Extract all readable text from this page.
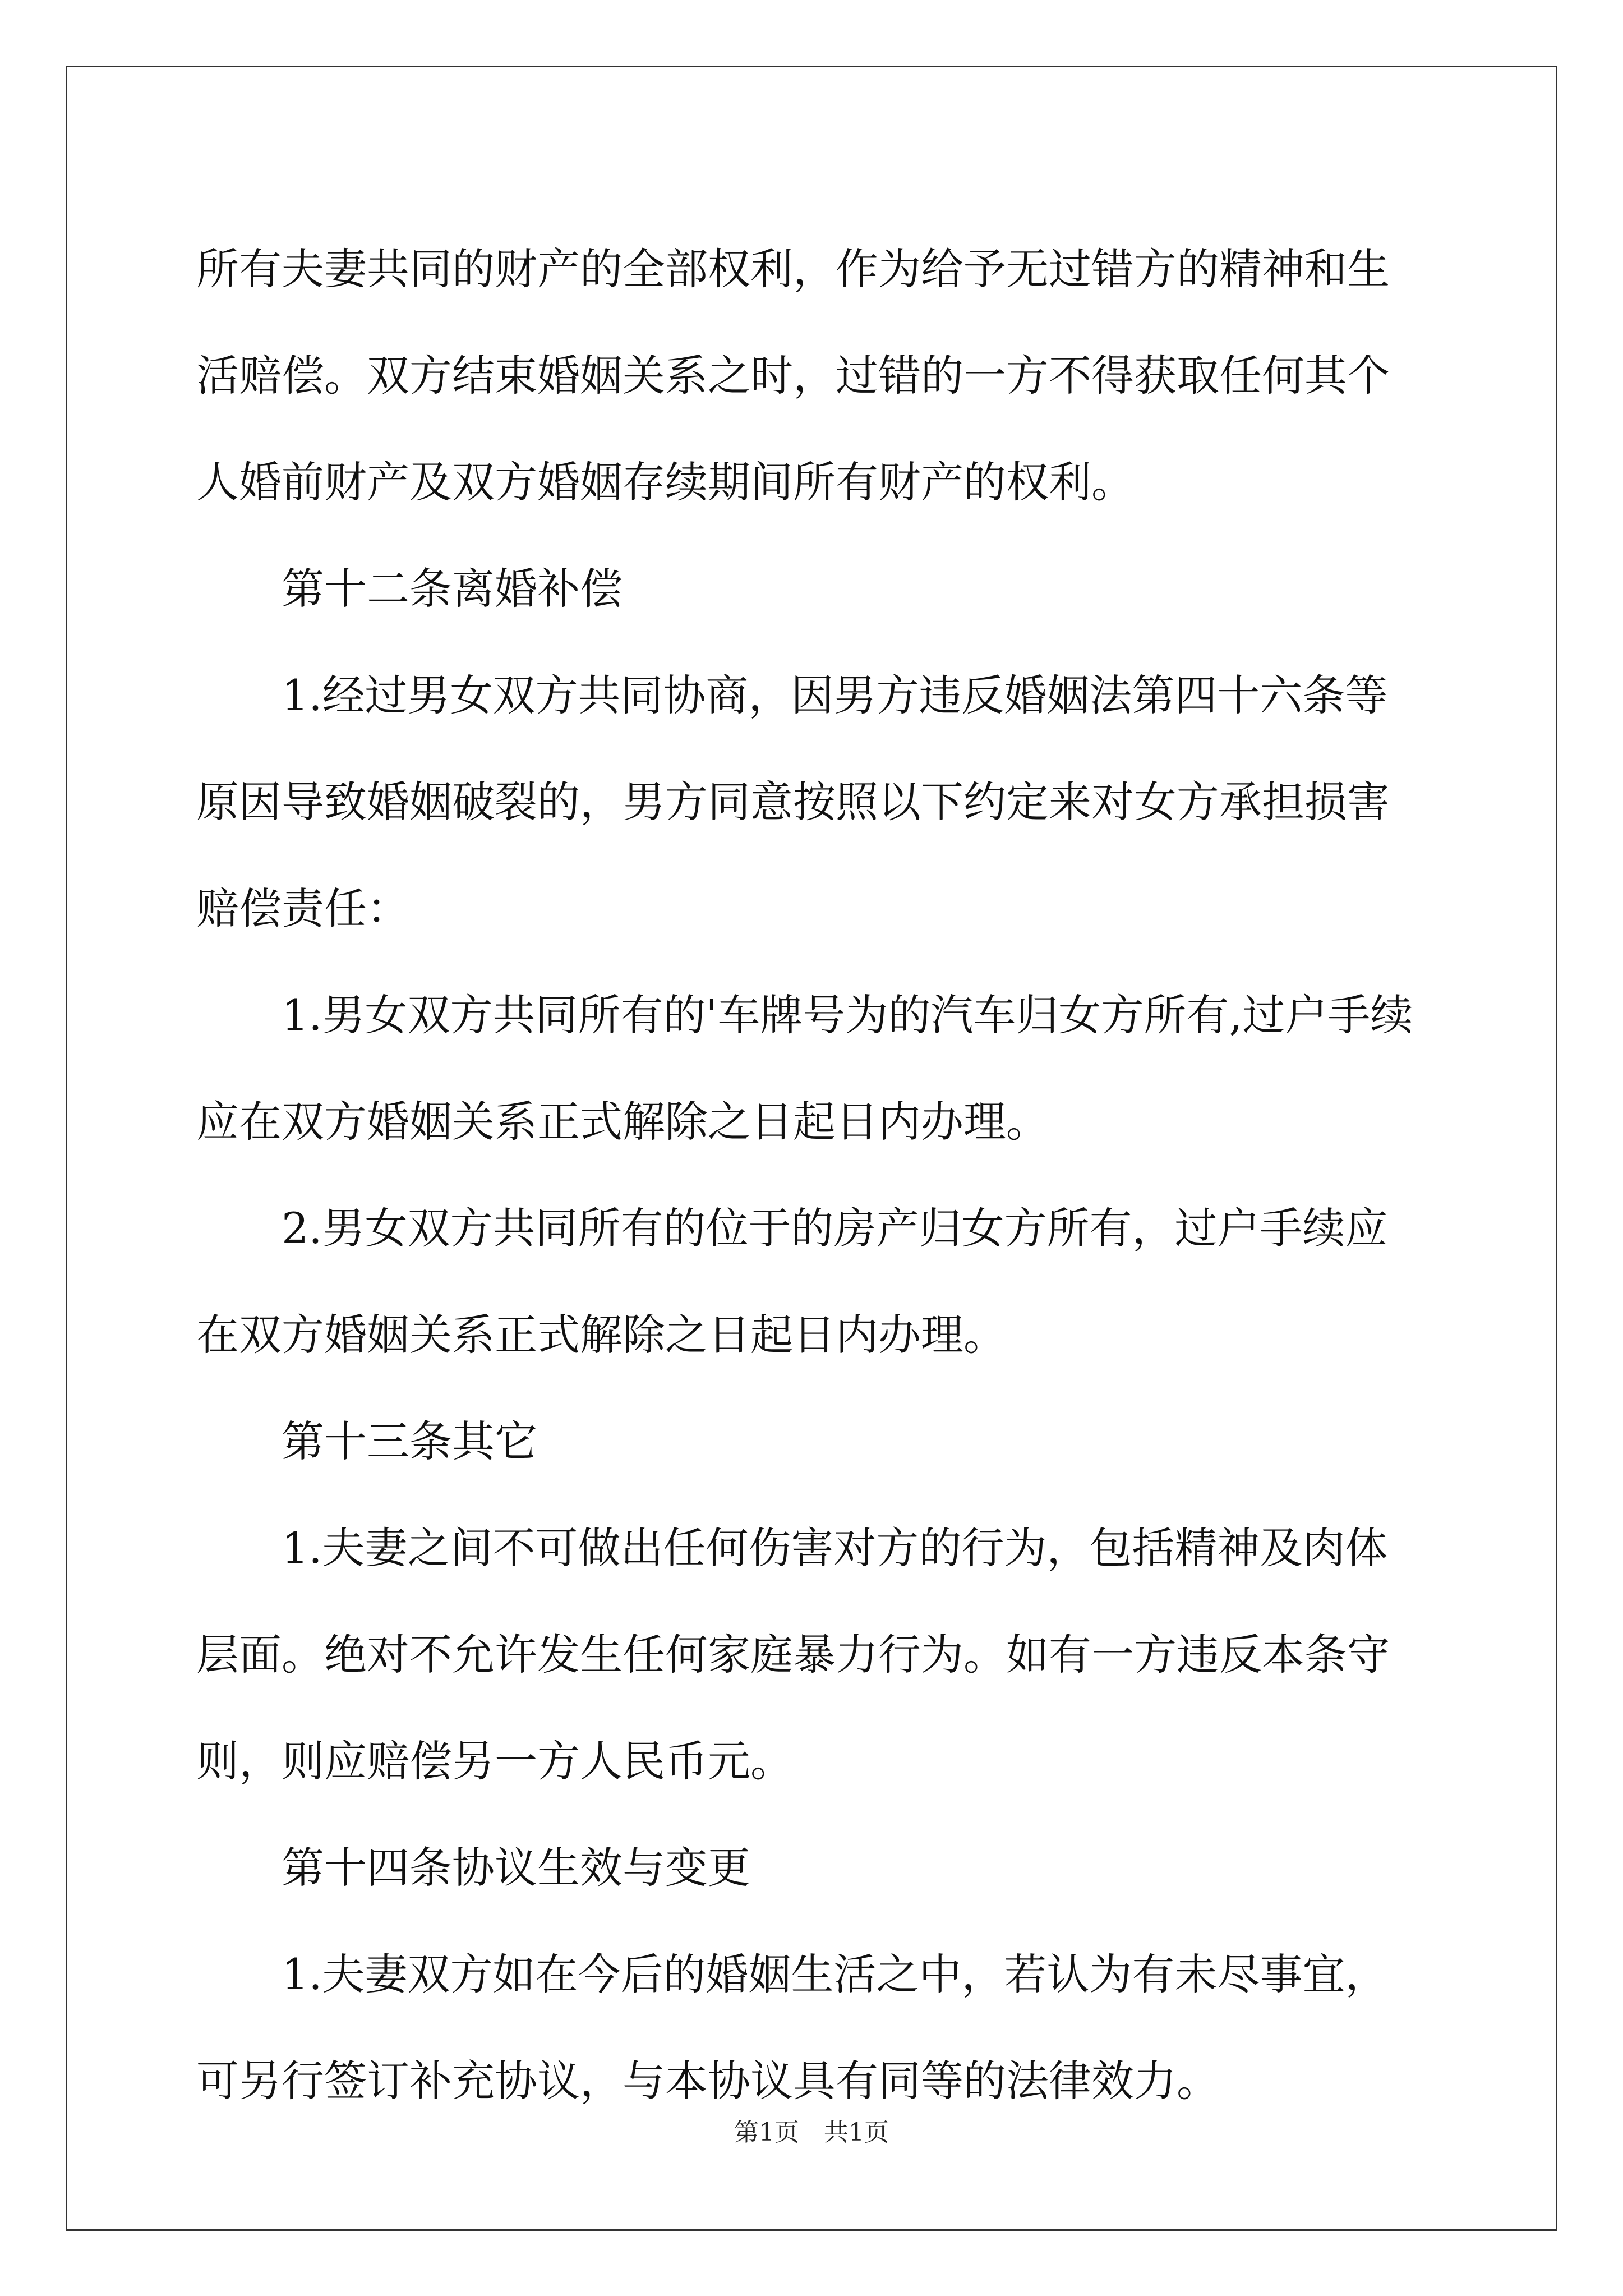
所有夫妻共同的财产的全部权利，作为给予无过错方的精神和生活赔偿。双方结束婚姻关系之时，过错的一方不得获取任何其个人婚前财产及双方婚姻存续期间所有财产的权利。

第十二条离婚补偿

1.经过男女双方共同协商，因男方违反婚姻法第四十六条等原因导致婚姻破裂的，男方同意按照以下约定来对女方承担损害赔偿责任：

1.男女双方共同所有的'车牌号为的汽车归女方所有,过户手续应在双方婚姻关系正式解除之日起日内办理。

2.男女双方共同所有的位于的房产归女方所有，过户手续应在双方婚姻关系正式解除之日起日内办理。

第十三条其它

1.夫妻之间不可做出任何伤害对方的行为，包括精神及肉体层面。绝对不允许发生任何家庭暴力行为。如有一方违反本条守则，则应赔偿另一方人民币元。

第十四条协议生效与变更

1.夫妻双方如在今后的婚姻生活之中，若认为有未尽事宜，可另行签订补充协议，与本协议具有同等的法律效力。

第1页　共1页
